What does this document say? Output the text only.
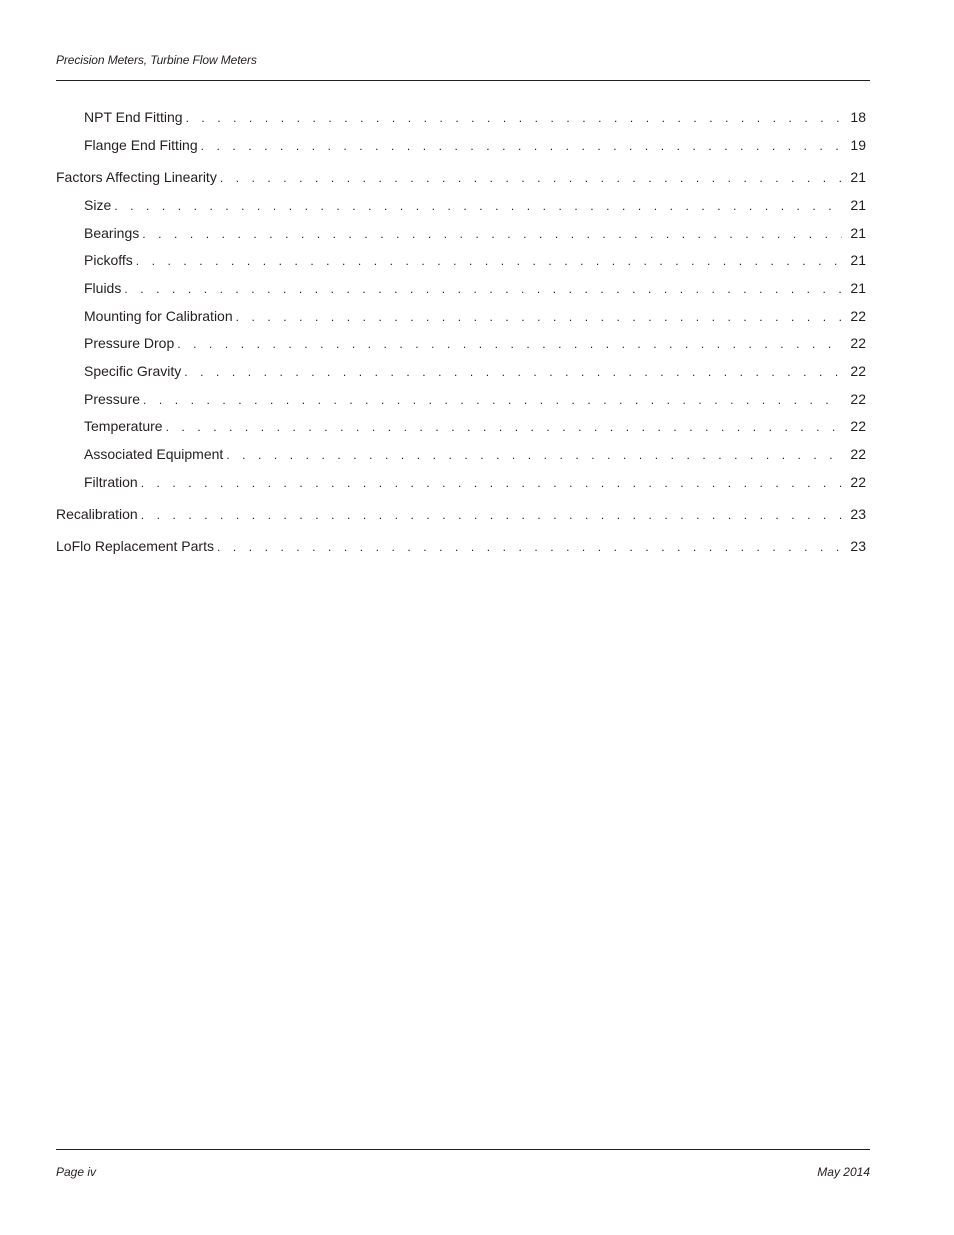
Precision Meters, Turbine Flow Meters
NPT End Fitting . . .	18
Flange End Fitting . . .	19
Factors Affecting Linearity . . .	21
Size . . .	21
Bearings . . .	21
Pickoffs . . .	21
Fluids . . .	21
Mounting for Calibration . . .	22
Pressure Drop . . .	22
Specific Gravity . . .	22
Pressure . . .	22
Temperature . . .	22
Associated Equipment . . .	22
Filtration . . .	22
Recalibration . . .	23
LoFlo Replacement Parts . . .	23
Page iv	May 2014
